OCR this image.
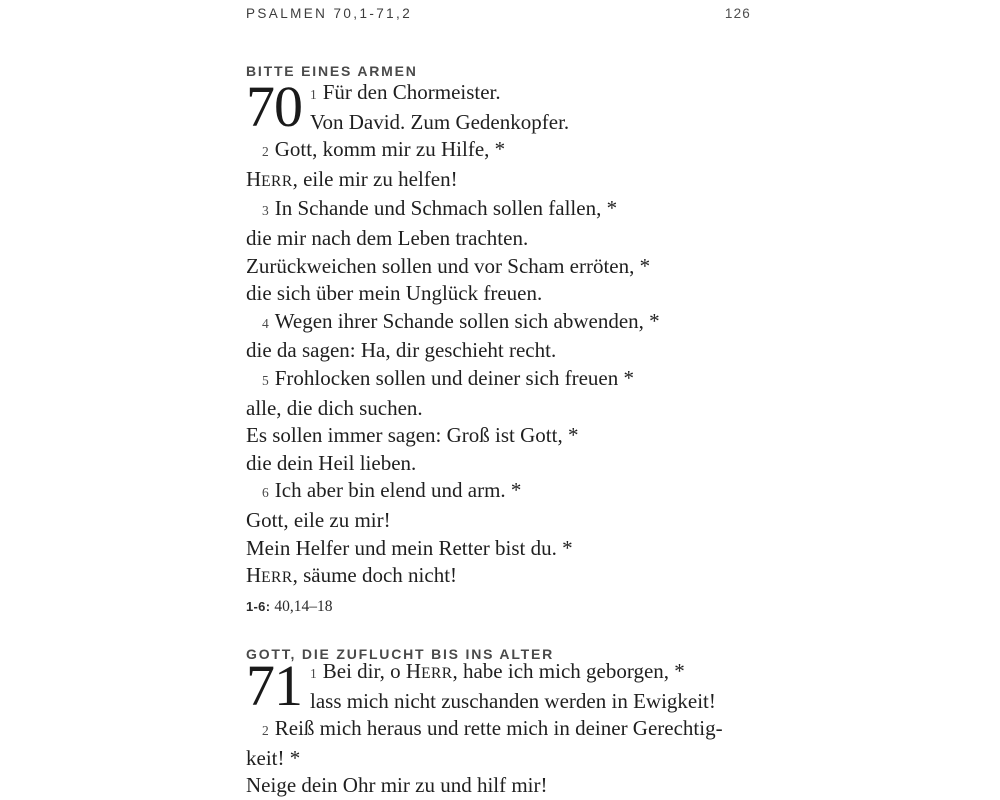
PSALMEN 70,1-71,2	126
BITTE EINES ARMEN
70 1 Für den Chormeister.
Von David. Zum Gedenkopfer.
2 Gott, komm mir zu Hilfe, *
HERR, eile mir zu helfen!
3 In Schande und Schmach sollen fallen, *
die mir nach dem Leben trachten.
Zurückweichen sollen und vor Scham erröten, *
die sich über mein Unglück freuen.
4 Wegen ihrer Schande sollen sich abwenden, *
die da sagen: Ha, dir geschieht recht.
5 Frohlocken sollen und deiner sich freuen *
alle, die dich suchen.
Es sollen immer sagen: Groß ist Gott, *
die dein Heil lieben.
6 Ich aber bin elend und arm. *
Gott, eile zu mir!
Mein Helfer und mein Retter bist du. *
HERR, säume doch nicht!
1-6: 40,14–18
GOTT, DIE ZUFLUCHT BIS INS ALTER
71 1 Bei dir, o HERR, habe ich mich geborgen, *
lass mich nicht zuschanden werden in Ewigkeit!
2 Reiß mich heraus und rette mich in deiner Gerechtig-
keit! *
Neige dein Ohr mir zu und hilf mir!
